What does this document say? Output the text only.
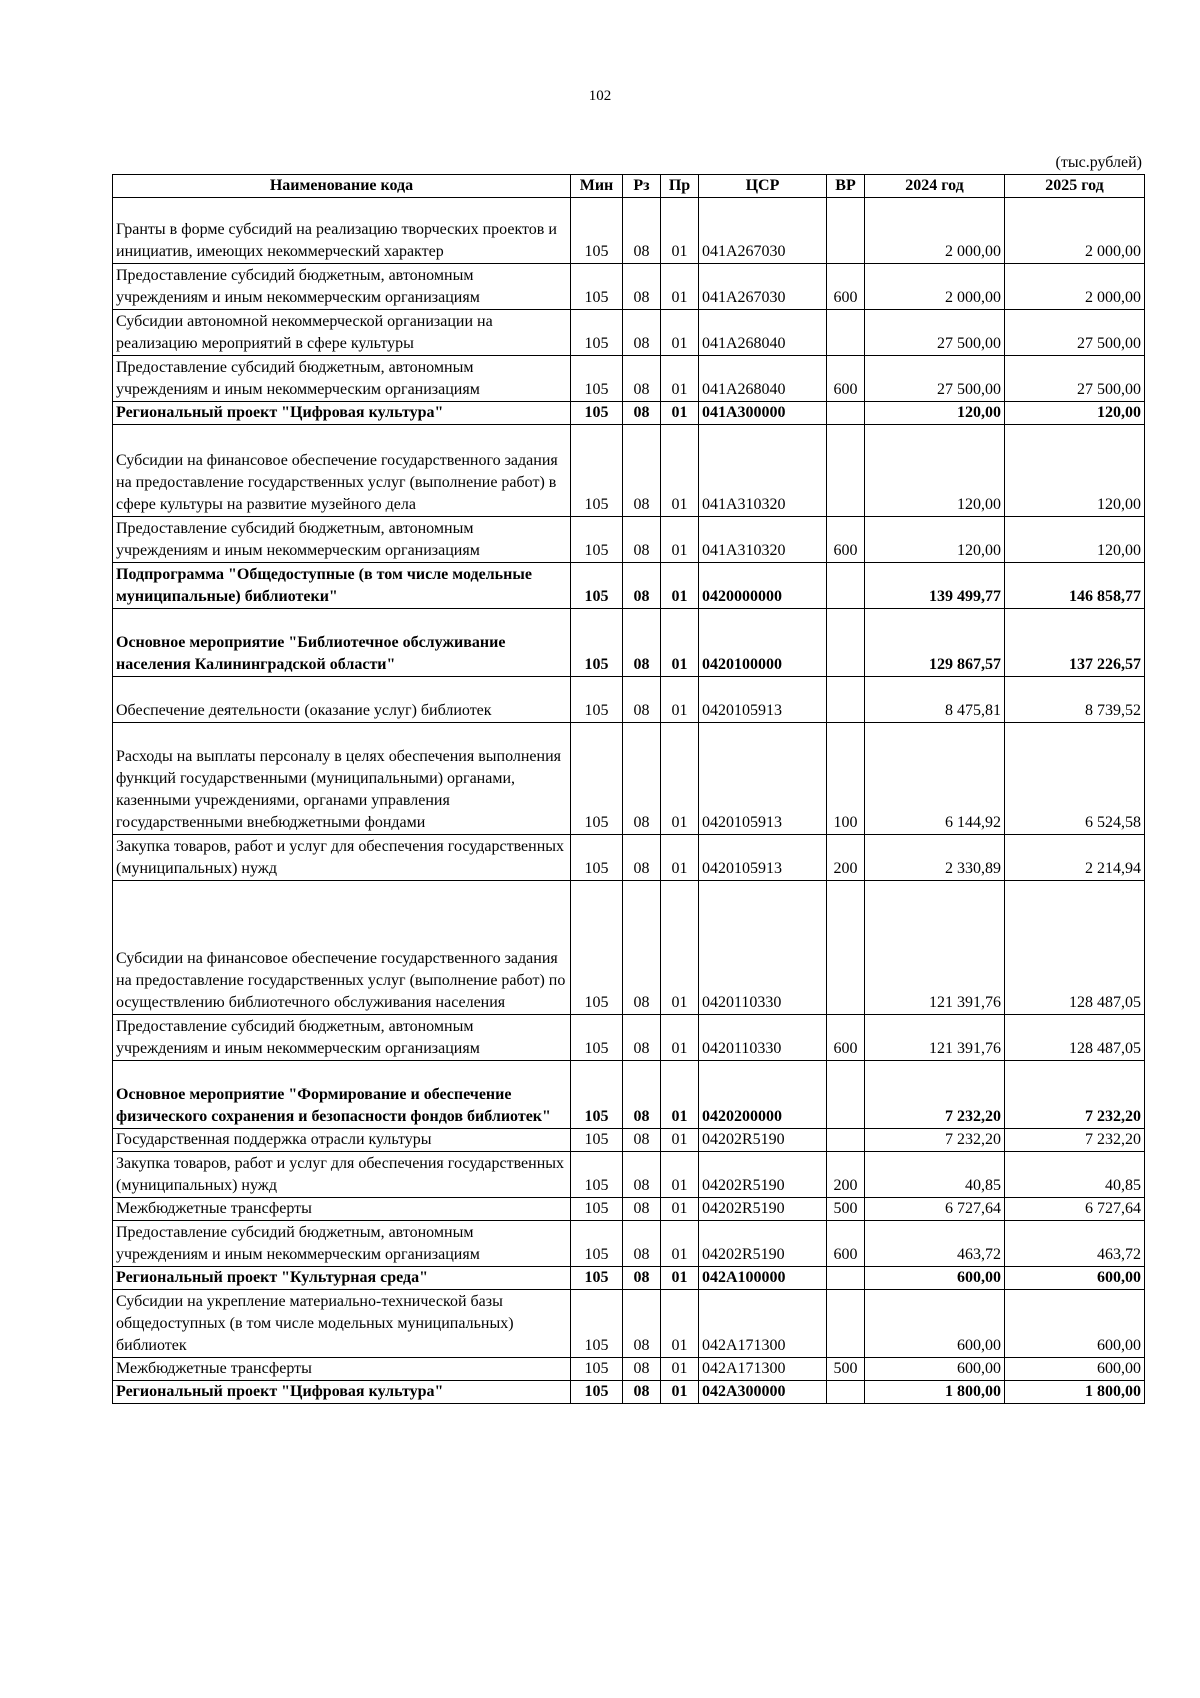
102
(тыс.рублей)
Наименование кода	Мин	Рз	Пр	ЦСР	ВР	2024 год	2025 год
Гранты в форме субсидий на реализацию творческих проектов и инициатив, имеющих некоммерческий характер	105	08	01	041A267030		2 000,00	2 000,00
Предоставление субсидий бюджетным, автономным учреждениям и иным некоммерческим организациям	105	08	01	041A267030	600	2 000,00	2 000,00
Субсидии автономной некоммерческой организации на реализацию мероприятий в сфере культуры	105	08	01	041A268040		27 500,00	27 500,00
Предоставление субсидий бюджетным, автономным учреждениям и иным некоммерческим организациям	105	08	01	041A268040	600	27 500,00	27 500,00
Региональный проект "Цифровая культура"	105	08	01	041A300000		120,00	120,00
Субсидии на финансовое обеспечение государственного задания на предоставление государственных услуг (выполнение работ) в сфере культуры на развитие музейного дела	105	08	01	041A310320		120,00	120,00
Предоставление субсидий бюджетным, автономным учреждениям и иным некоммерческим организациям	105	08	01	041A310320	600	120,00	120,00
Подпрограмма "Общедоступные (в том числе модельные муниципальные) библиотеки"	105	08	01	0420000000		139 499,77	146 858,77
Основное мероприятие "Библиотечное обслуживание населения Калининградской области"	105	08	01	0420100000		129 867,57	137 226,57
Обеспечение деятельности (оказание услуг) библиотек	105	08	01	0420105913		8 475,81	8 739,52
Расходы на выплаты персоналу в целях обеспечения выполнения функций государственными (муниципальными) органами, казенными учреждениями, органами управления государственными внебюджетными фондами	105	08	01	0420105913	100	6 144,92	6 524,58
Закупка товаров, работ и услуг для обеспечения государственных (муниципальных) нужд	105	08	01	0420105913	200	2 330,89	2 214,94
Субсидии на финансовое обеспечение государственного задания на предоставление государственных услуг (выполнение работ) по осуществлению библиотечного обслуживания населения	105	08	01	0420110330		121 391,76	128 487,05
Предоставление субсидий бюджетным, автономным учреждениям и иным некоммерческим организациям	105	08	01	0420110330	600	121 391,76	128 487,05
Основное мероприятие "Формирование и обеспечение физического сохранения и безопасности фондов библиотек"	105	08	01	0420200000		7 232,20	7 232,20
Государственная поддержка отрасли культуры	105	08	01	04202R5190		7 232,20	7 232,20
Закупка товаров, работ и услуг для обеспечения государственных (муниципальных) нужд	105	08	01	04202R5190	200	40,85	40,85
Межбюджетные трансферты	105	08	01	04202R5190	500	6 727,64	6 727,64
Предоставление субсидий бюджетным, автономным учреждениям и иным некоммерческим организациям	105	08	01	04202R5190	600	463,72	463,72
Региональный проект "Культурная среда"	105	08	01	042A100000		600,00	600,00
Субсидии на укрепление материально-технической базы общедоступных (в том числе модельных муниципальных) библиотек	105	08	01	042A171300		600,00	600,00
Межбюджетные трансферты	105	08	01	042A171300	500	600,00	600,00
Региональный проект "Цифровая культура"	105	08	01	042A300000		1 800,00	1 800,00
